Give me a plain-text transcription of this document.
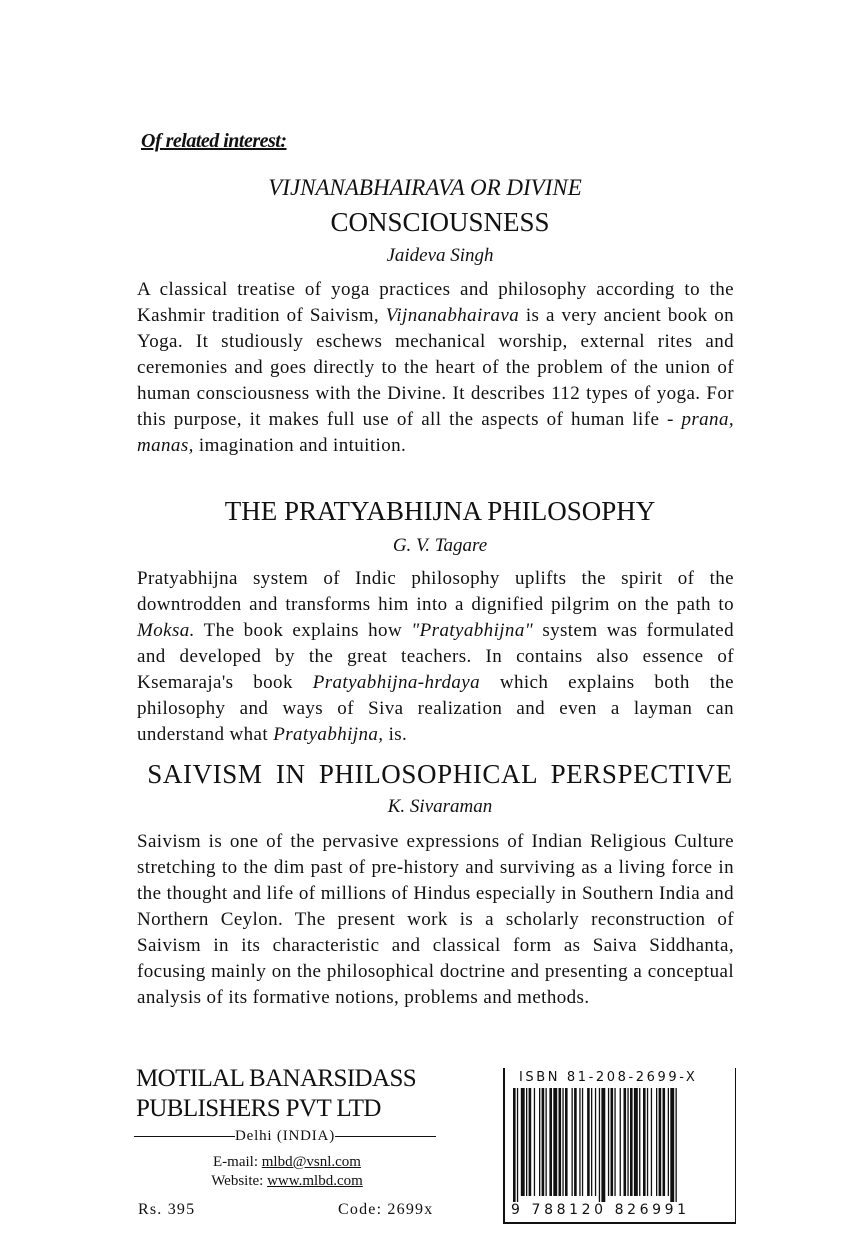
Of related interest:
VIJNANABHAIRAVA OR DIVINE
CONSCIOUSNESS
Jaideva Singh
A classical treatise of yoga practices and philosophy according to the Kashmir tradition of Saivism, Vijnanabhairava is a very ancient book on Yoga. It studiously eschews mechanical worship, external rites and ceremonies and goes directly to the heart of the problem of the union of human consciousness with the Divine. It describes 112 types of yoga. For this purpose, it makes full use of all the aspects of human life - prana, manas, imagination and intuition.
THE PRATYABHIJNA PHILOSOPHY
G. V. Tagare
Pratyabhijna system of Indic philosophy uplifts the spirit of the downtrodden and transforms him into a dignified pilgrim on the path to Moksa. The book explains how "Pratyabhijna" system was formulated and developed by the great teachers. In contains also essence of Ksemaraja's book Pratyabhijna-hrdaya which explains both the philosophy and ways of Siva realization and even a layman can understand what Pratyabhijna, is.
SAIVISM IN PHILOSOPHICAL PERSPECTIVE
K. Sivaraman
Saivism is one of the pervasive expressions of Indian Religious Culture stretching to the dim past of pre-history and surviving as a living force in the thought and life of millions of Hindus especially in Southern India and Northern Ceylon. The present work is a scholarly reconstruction of Saivism in its characteristic and classical form as Saiva Siddhanta, focusing mainly on the philosophical doctrine and presenting a conceptual analysis of its formative notions, problems and methods.
MOTILAL BANARSIDASS
PUBLISHERS PVT LTD
Delhi (INDIA)
E-mail: mlbd@vsnl.com
Website: www.mlbd.com
Rs. 395	Code: 2699x
ISBN 81-208-2699-X
9 788120 826991
